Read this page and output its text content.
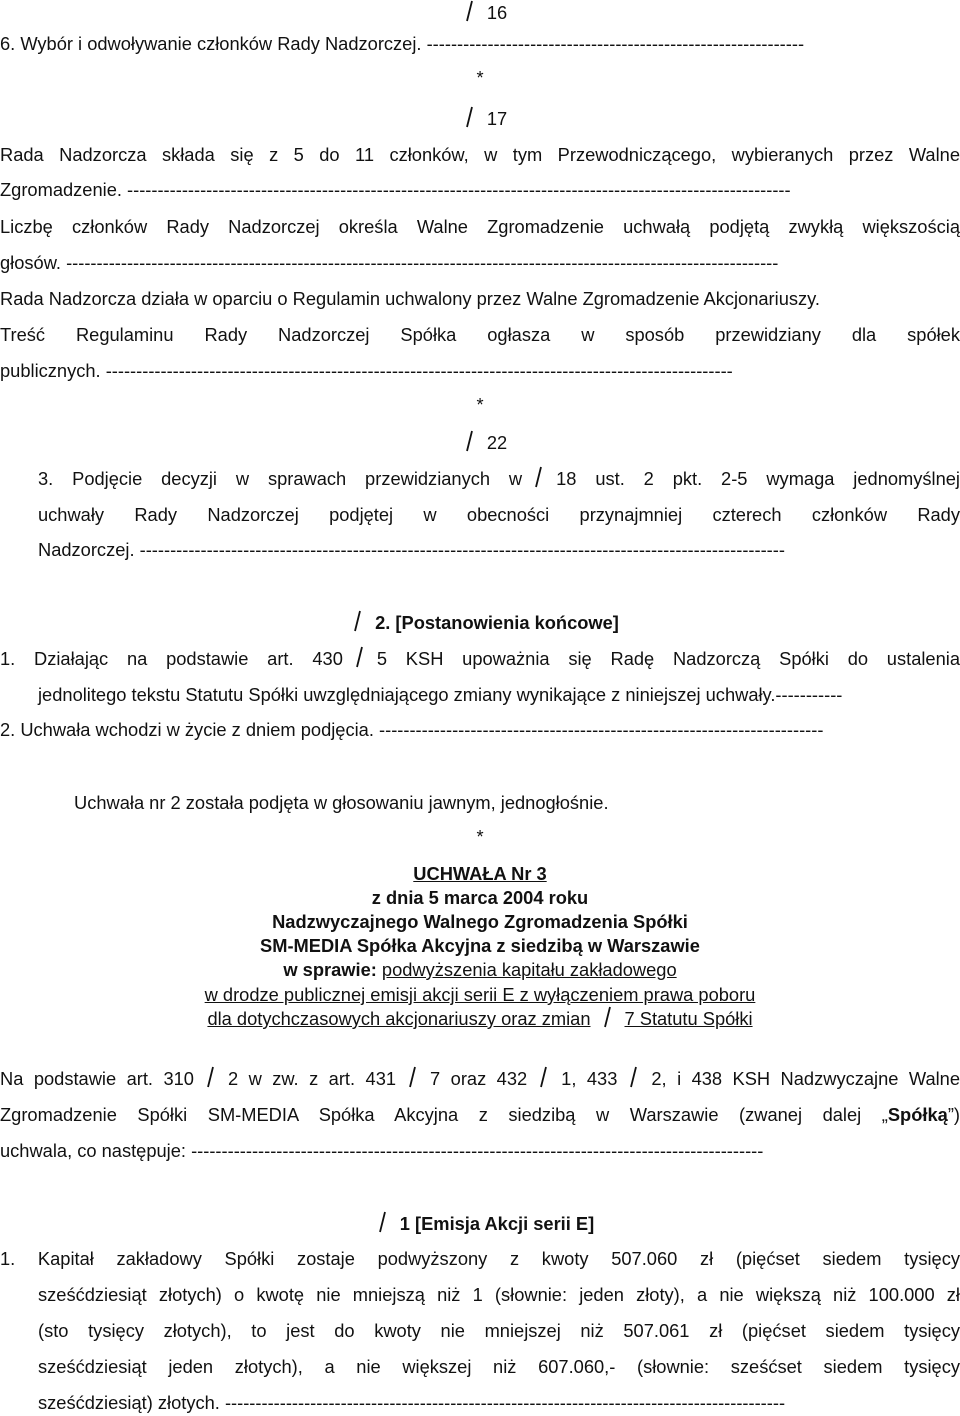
16
6. Wybór i odwoływanie członków Rady Nadzorczej. --------------------------------------------------------------
*
17
Rada Nadzorcza składa się z 5 do 11 członków, w tym Przewodniczącego, wybieranych przez Walne
Zgromadzenie. -------------------------------------------------------------------------------------------------------------
Liczbę członków Rady Nadzorczej określa Walne Zgromadzenie uchwałą podjętą zwykłą większością
głosów. ---------------------------------------------------------------------------------------------------------------------
Rada Nadzorcza działa w oparciu o Regulamin uchwalony przez Walne Zgromadzenie Akcjonariuszy.
Treść Regulaminu Rady Nadzorczej Spółka ogłasza w sposób przewidziany dla spółek
publicznych. -------------------------------------------------------------------------------------------------------
*
22
3. Podjęcie decyzji w sprawach przewidzianych w 18 ust. 2 pkt. 2-5 wymaga jednomyślnej
uchwały Rady Nadzorczej podjętej w obecności przynajmniej czterech członków Rady
Nadzorczej. ----------------------------------------------------------------------------------------------------------
2. [Postanowienia końcowe]
1. Działając na podstawie art. 430 5 KSH upoważnia się Radę Nadzorczą Spółki do ustalenia
jednolitego tekstu Statutu Spółki uwzględniającego zmiany wynikające z niniejszej uchwały.-----------
2. Uchwała wchodzi w życie z dniem podjęcia. -------------------------------------------------------------------------
Uchwała nr 2 została podjęta w głosowaniu jawnym, jednogłośnie.
*
UCHWAŁA Nr 3
z dnia 5 marca 2004 roku
Nadzwyczajnego Walnego Zgromadzenia Spółki
SM-MEDIA Spółka Akcyjna z siedzibą w Warszawie
w sprawie: podwyższenia kapitału zakładowego
w drodze publicznej emisji akcji serii E z wyłączeniem prawa poboru
dla dotychczasowych akcjonariuszy oraz zmian 7 Statutu Spółki
Na podstawie art. 310 2 w zw. z art. 431 7 oraz 432 1, 433 2, i 438 KSH Nadzwyczajne Walne
Zgromadzenie Spółki SM-MEDIA Spółka Akcyjna z siedzibą w Warszawie (zwanej dalej „Spółką”)
uchwala, co następuje: ----------------------------------------------------------------------------------------------
1 [Emisja Akcji serii E]
1. Kapitał zakładowy Spółki zostaje podwyższony z kwoty 507.060 zł (pięćset siedem tysięcy
sześćdziesiąt złotych) o kwotę nie mniejszą niż 1 (słownie: jeden złoty), a nie większą niż 100.000 zł
(sto tysięcy złotych), to jest do kwoty nie mniejszej niż 507.061 zł (pięćset siedem tysięcy
sześćdziesiąt jeden złotych), a nie większej niż 607.060,- (słownie: sześćset siedem tysięcy
sześćdziesiąt) złotych. --------------------------------------------------------------------------------------------
